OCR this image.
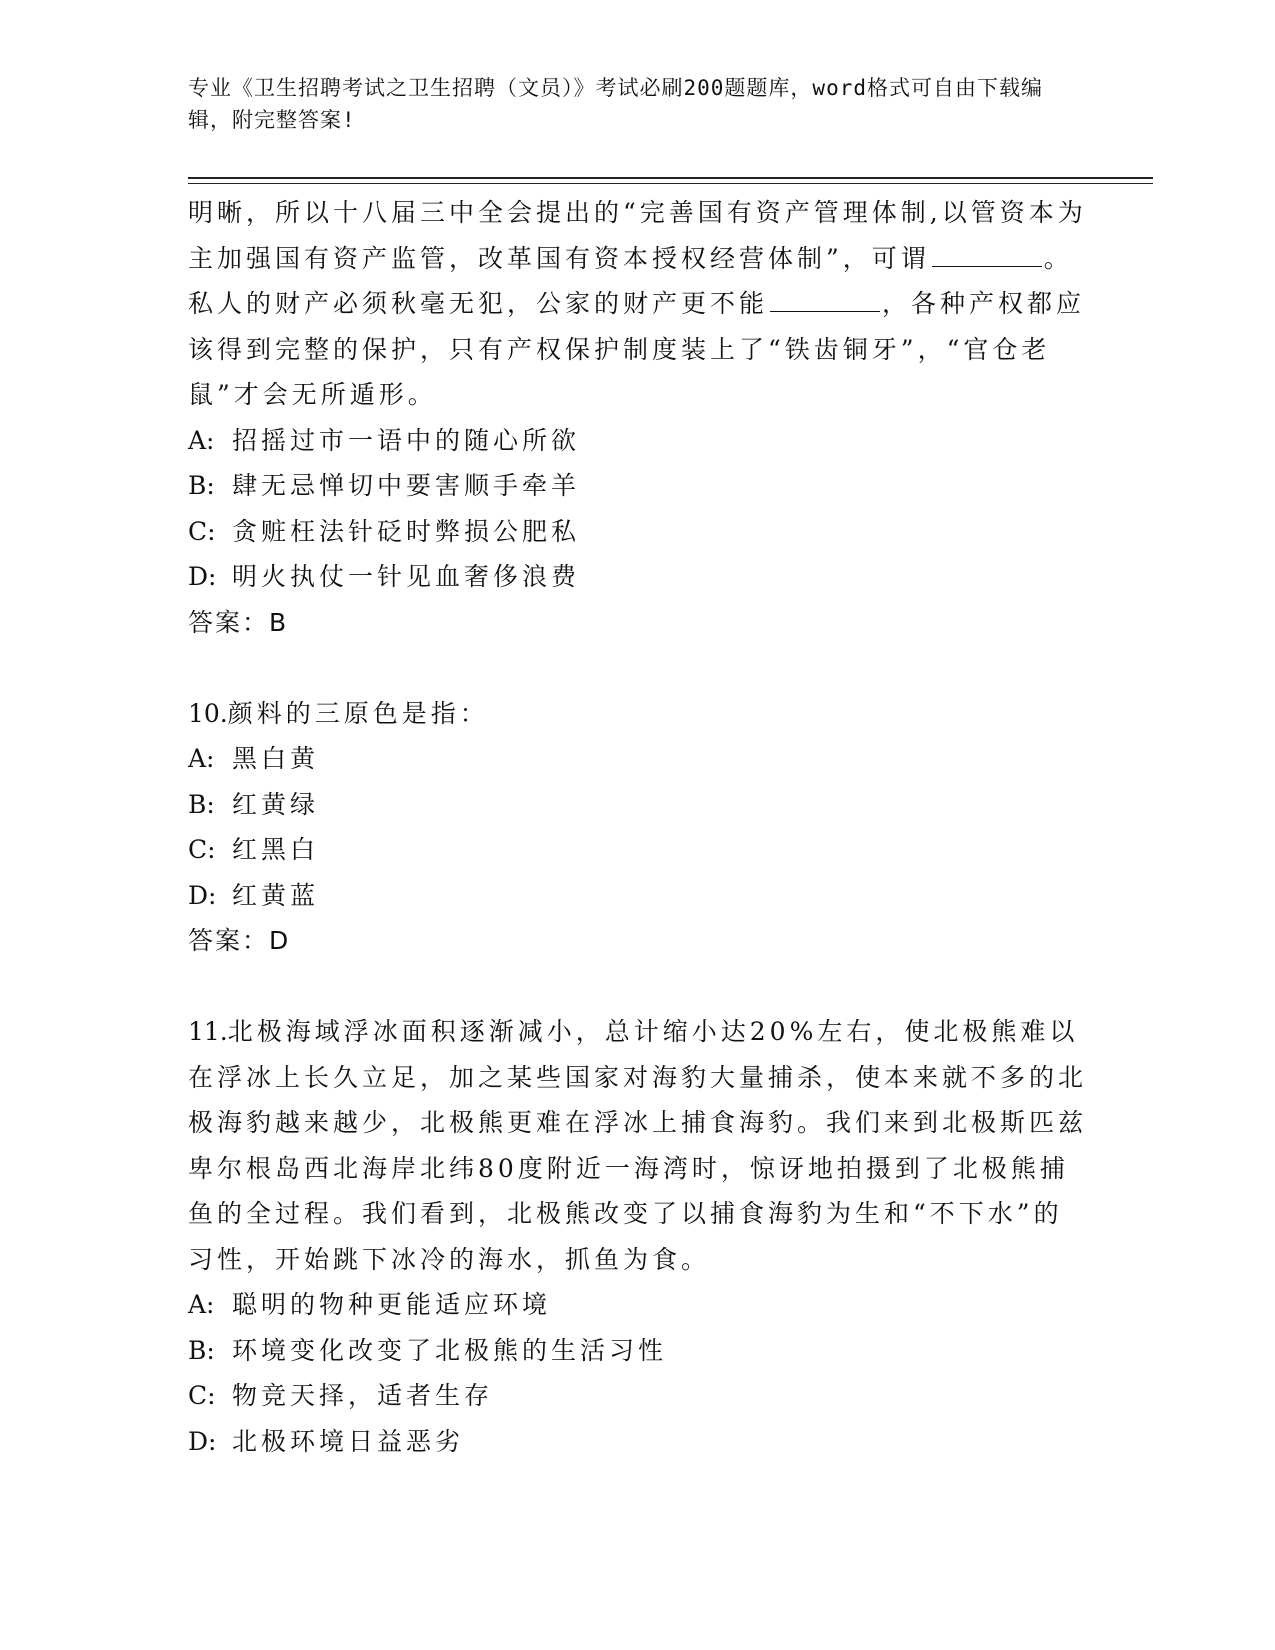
专业《卫生招聘考试之卫生招聘（文员）》考试必刷200题题库，word格式可自由下载编辑，附完整答案!

明晰，所以十八届三中全会提出的“完善国有资产管理体制,以管资本为主加强国有资产监管，改革国有资本授权经营体制”，可谓	。私人的财产必须秋毫无犯，公家的财产更不能	，各种产权都应该得到完整的保护，只有产权保护制度装上了“铁齿铜牙”，“官仓老鼠”才会无所遁形。

A: 招摇过市一语中的随心所欲

B: 肆无忌惮切中要害顺手牵羊

C: 贪赃枉法针砭时弊损公肥私

D: 明火执仗一针见血奢侈浪费

答案：B

10.颜料的三原色是指：

A: 黑白黄

B: 红黄绿

C: 红黑白

D: 红黄蓝

答案：D

11.北极海域浮冰面积逐渐减小，总计缩小达20%左右，使北极熊难以在浮冰上长久立足，加之某些国家对海豹大量捕杀，使本来就不多的北极海豹越来越少，北极熊更难在浮冰上捕食海豹。我们来到北极斯匹兹卑尔根岛西北海岸北纬80度附近一海湾时，惊讶地拍摄到了北极熊捕鱼的全过程。我们看到，北极熊改变了以捕食海豹为生和“不下水”的习性，开始跳下冰冷的海水，抓鱼为食。

A: 聪明的物种更能适应环境

B: 环境变化改变了北极熊的生活习性

C: 物竞天择，适者生存

D: 北极环境日益恶劣
